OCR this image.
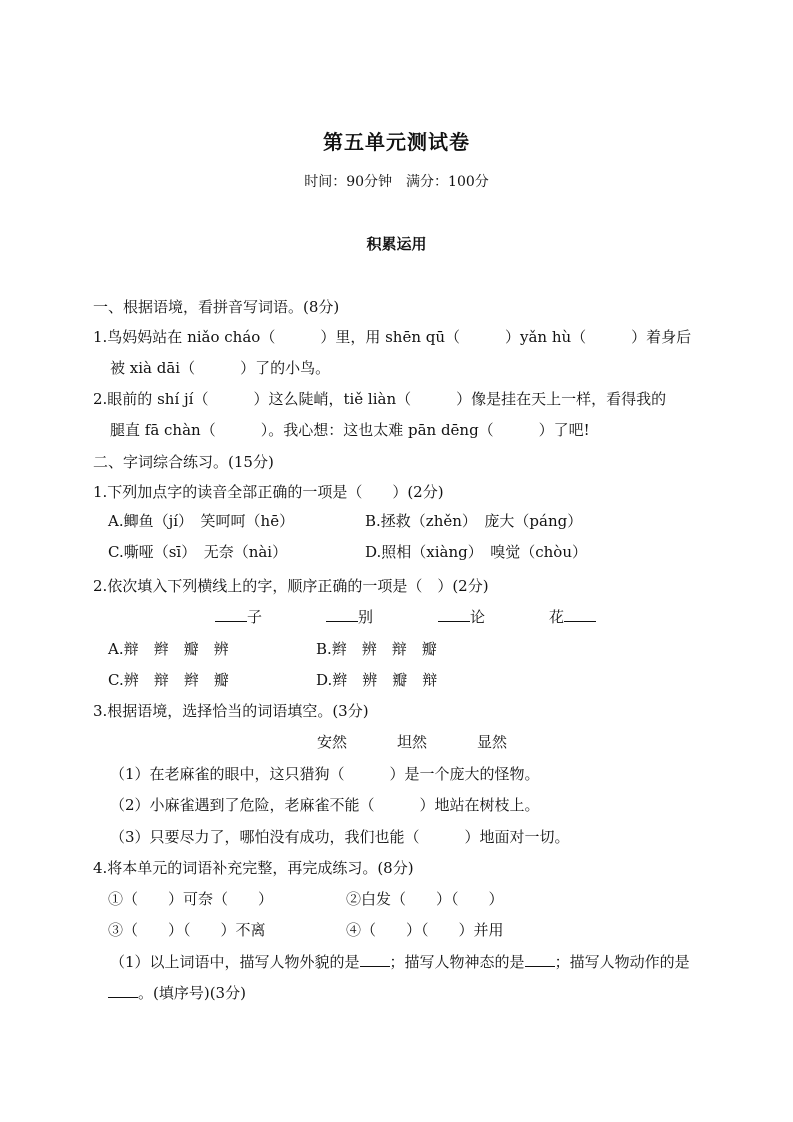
第五单元测试卷
时间：90分钟　满分：100分
积累运用
一、根据语境，看拼音写词语。(8分)
1.鸟妈妈站在 niǎo cháo（　　　）里，用 shēn qū（　　　）yǎn hù（　　　）着身后
被 xià dāi（　　　）了的小鸟。
2.眼前的 shí jí（　　　）这么陡峭，tiě liàn（　　　）像是挂在天上一样，看得我的
腿直 fā chàn（　　　）。我心想：这也太难 pān dēng（　　　）了吧!
二、字词综合练习。(15分)
1.下列加点字的读音全部正确的一项是（　　）(2分)
A.鲫鱼（jí）　笑呵呵（hē）	B.拯救（zhěn）　庞大（páng）
C.嘶哑（sī）　无奈（nài）	D.照相（xiàng）　嗅觉（chòu）
2.依次填入下列横线上的字，顺序正确的一项是（　）(2分)
子	别	论	花
A.辩　辫　瓣　辨	B.辫　辨　辩　瓣
C.辨　辩　辫　瓣	D.辫　辨　瓣　辩
3.根据语境，选择恰当的词语填空。(3分)
安然	坦然	显然
（1）在老麻雀的眼中，这只猎狗（　　　）是一个庞大的怪物。
（2）小麻雀遇到了危险，老麻雀不能（　　　）地站在树枝上。
（3）只要尽力了，哪怕没有成功，我们也能（　　　）地面对一切。
4.将本单元的词语补充完整，再完成练习。(8分)
①（　　）可奈（　　）	②白发（　　）（　　）
③（　　）（　　）不离	④（　　）（　　）并用
（1）以上词语中，描写人物外貌的是 ；描写人物神态的是 ；描写人物动作的是
。(填序号)(3分)
